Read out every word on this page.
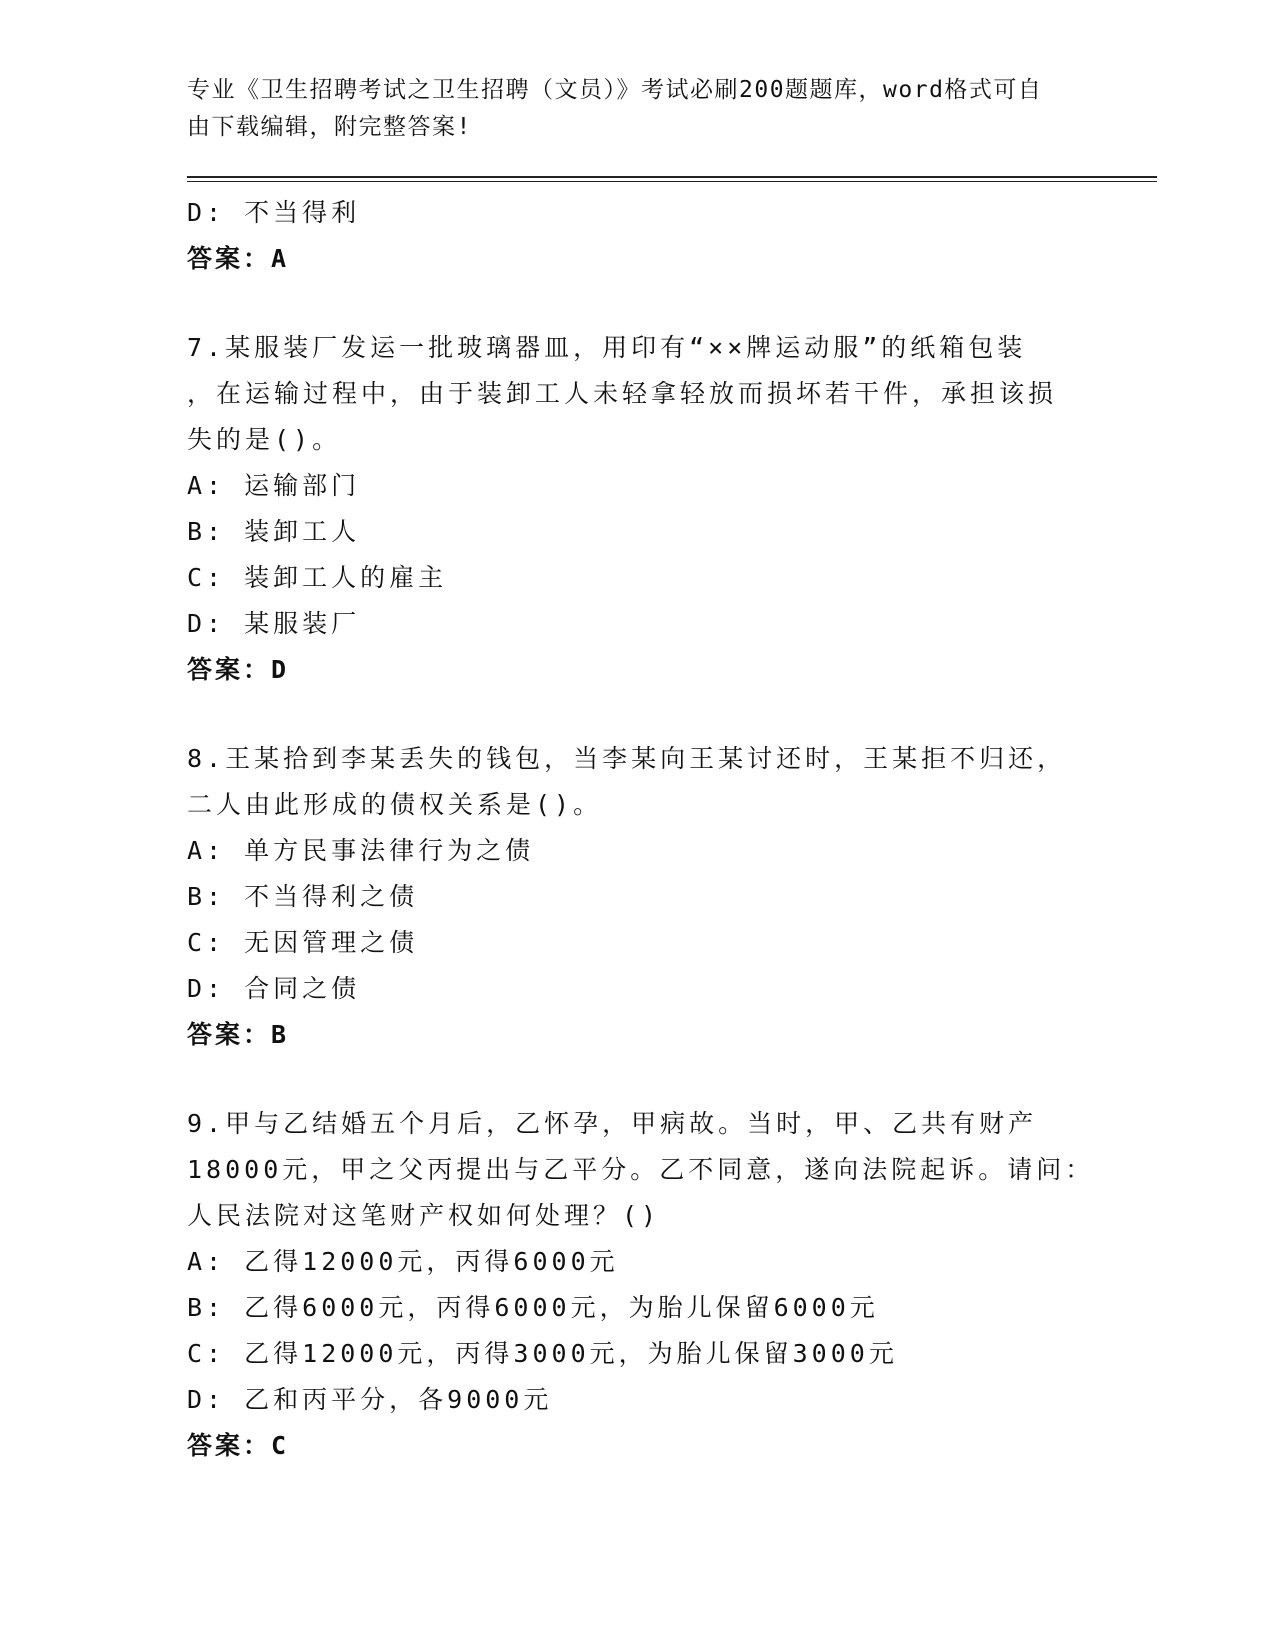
专业《卫生招聘考试之卫生招聘（文员）》考试必刷200题题库，word格式可自
由下载编辑，附完整答案!
D: 不当得利
答案：A
7.某服装厂发运一批玻璃器皿，用印有“××牌运动服”的纸箱包装
，在运输过程中，由于装卸工人未轻拿轻放而损坏若干件，承担该损
失的是()。
A: 运输部门
B: 装卸工人
C: 装卸工人的雇主
D: 某服装厂
答案：D
8.王某拾到李某丢失的钱包，当李某向王某讨还时，王某拒不归还，
二人由此形成的债权关系是()。
A: 单方民事法律行为之债
B: 不当得利之债
C: 无因管理之债
D: 合同之债
答案：B
9.甲与乙结婚五个月后，乙怀孕，甲病故。当时，甲、乙共有财产
18000元，甲之父丙提出与乙平分。乙不同意，遂向法院起诉。请问：
人民法院对这笔财产权如何处理？()
A: 乙得12000元，丙得6000元
B: 乙得6000元，丙得6000元，为胎儿保留6000元
C: 乙得12000元，丙得3000元，为胎儿保留3000元
D: 乙和丙平分，各9000元
答案：C
